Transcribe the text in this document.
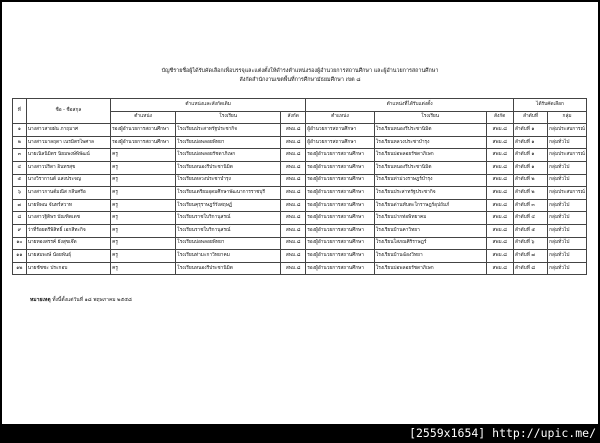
บัญชีรายชื่อผู้ได้รับคัดเลือกเพื่อบรรจุและแต่งตั้งให้ดำรงตำแหน่งรองผู้อำนวยการสถานศึกษา และผู้อำนวยการสถานศึกษา
สังกัดสำนักงานเขตพื้นที่การศึกษามัธยมศึกษา เขต ๘
ที่	ชื่อ - ชื่อสกุล	ตำแหน่งและสังกัดเดิม			ตำแหน่งที่ได้รับแต่งตั้ง			ได้รับคัดเลือก	
		ตำแหน่ง	โรงเรียน	สังกัด	ตำแหน่ง	โรงเรียน	สังกัด	ลำดับที่	กลุ่ม
๑	นางสาวสายฝน ภาฤมาศ	รองผู้อำนวยการสถานศึกษา	โรงเรียนประสาทรัฐประชากิจ	สพม.๘	ผู้อำนวยการสถานศึกษา	โรงเรียนหนองรีประชานิมิต	สพม.๘	ลำดับที่ ๑	กลุ่มประสบการณ์
๒	นางสาวมาลฤดา เนรมิตรไพศาล	รองผู้อำนวยการสถานศึกษา	โรงเรียนบ่อพลอยพิทยา	สพม.๘	ผู้อำนวยการสถานศึกษา	โรงเรียนหลวงประชาบำรุง	สพม.๘	ลำดับที่ ๑	กลุ่มทั่วไป
๓	นายเนิลนิมิตร นิยมพงษ์พิพัฒน์	ครู	โรงเรียนบ่อพลอยรัชดาภิเษก	สพม.๘	รองผู้อำนวยการสถานศึกษา	โรงเรียนบ่อพลอยรัชดาภิเษก	สพม.๘	ลำดับที่ ๑	กลุ่มประสบการณ์
๔	นางสาวปริดา อินทรสุข	ครู	โรงเรียนหนองรีประชานิมิต	สพม.๘	รองผู้อำนวยการสถานศึกษา	โรงเรียนหนองรีประชานิมิต	สพม.๘	ลำดับที่ ๑	กลุ่มทั่วไป
๕	นางวิรากานต์ แสงประจญ	ครู	โรงเรียนหลวงประชาบำรุง	สพม.๘	รองผู้อำนวยการสถานศึกษา	โรงเรียนท่าม่วงราษฎร์บำรุง	สพม.๘	ลำดับที่ ๒	กลุ่มทั่วไป
๖	นางสาวกานต์มณีส กลีบศรีอ	ครู	โรงเรียนเตรียมอุดมศึกษาพัฒนาการราชบุรี	สพม.๘	รองผู้อำนวยการสถานศึกษา	โรงเรียนประสาทรัฐประชากิจ	สพม.๘	ลำดับที่ ๒	กลุ่มประสบการณ์
๗	นายพิพณ จันทร์สวาท	ครู	โรงเรียนคุรุราษฎร์รังสฤษฏ์	สพม.๘	รองผู้อำนวยการสถานศึกษา	โรงเรียนด่านทับตะโกราษฎร์อุปถัมภ์	สพม.๘	ลำดับที่ ๓	กลุ่มทั่วไป
๘	นางสาวฐิติพร บัณฑิตเดช	ครู	โรงเรียนราชโบริกานุสรณ์	สพม.๘	รองผู้อำนวยการสถานศึกษา	โรงเรียนปากท่อพิทยาคม	สพม.๘	ลำดับที่ ๔	กลุ่มทั่วไป
๙	ว่าที่ร้อยตรีพิสิทธิ์ เอกสีทะกิจ	ครู	โรงเรียนราชโบริกานุสรณ์	สพม.๘	รองผู้อำนวยการสถานศึกษา	โรงเรียนบ้านคาวิทยา	สพม.๘	ลำดับที่ ๕	กลุ่มทั่วไป
๑๐	นายทองสรรค์ ยังสุขเจ๊ด	ครู	โรงเรียนบ่อพลอยพิทยา	สพม.๘	รองผู้อำนวยการสถานศึกษา	โรงเรียนโสภณศิริราษฎร์	สพม.๘	ลำดับที่ ๖	กลุ่มทั่วไป
๑๑	นายสมพงษ์ น้อยพันธุ์	ครู	โรงเรียนท่ามะกาวิทยาคม	สพม.๘	รองผู้อำนวยการสถานศึกษา	โรงเรียนบ้านฆ้องวิทยา	สพม.๘	ลำดับที่ ๗	กลุ่มทั่วไป
๑๒	นายชัชชะ ประกอบ	ครู	โรงเรียนหนองรีประชานิมิต	สพม.๘	รองผู้อำนวยการสถานศึกษา	โรงเรียนบ่อพลอยรัชดาภิเษก	สพม.๘	ลำดับที่ ๘	กลุ่มทั่วไป
หมายเหตุ ทั้งนี้ตั้งแต่วันที่ ๑๘ พฤษภาคม ๒๕๕๘
[2559x1654] http://upic.me/
